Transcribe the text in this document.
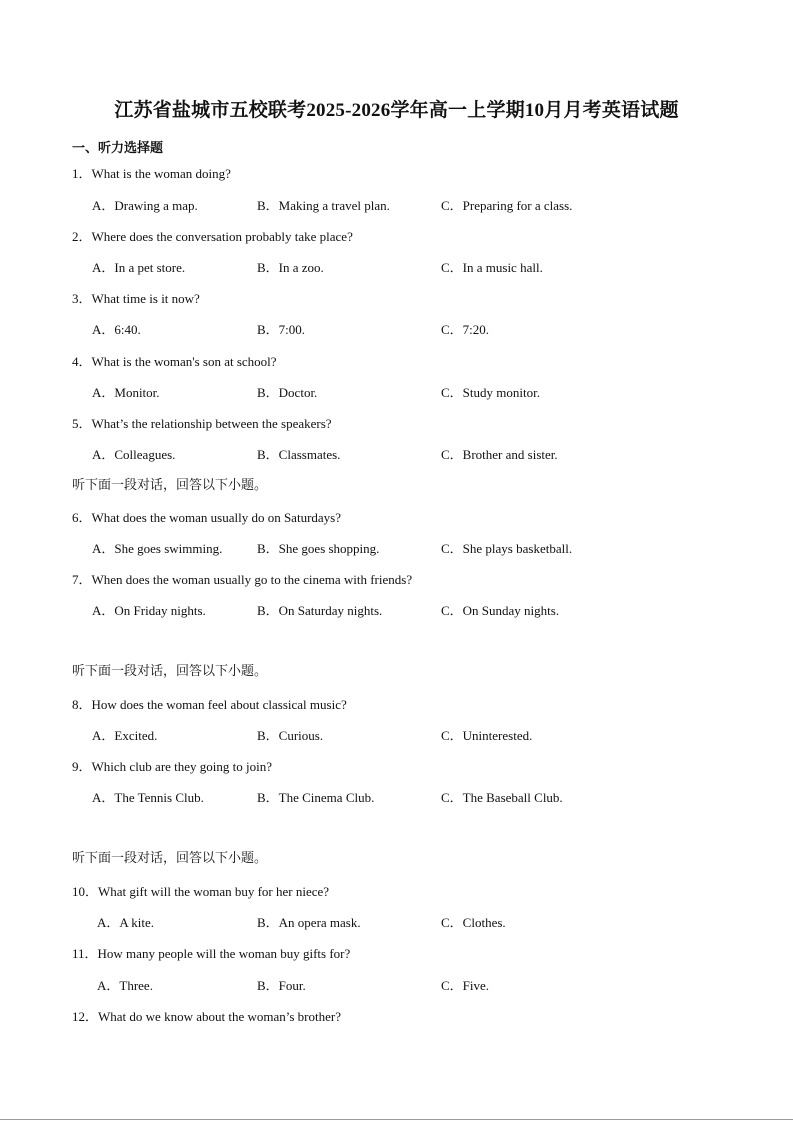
江苏省盐城市五校联考2025-2026学年高一上学期10月月考英语试题
一、听力选择题
1．What is the woman doing?
A．Drawing a map.	B．Making a travel plan.	C．Preparing for a class.
2．Where does the conversation probably take place?
A．In a pet store.	B．In a zoo.	C．In a music hall.
3．What time is it now?
A．6:40.	B．7:00.	C．7:20.
4．What is the woman's son at school?
A．Monitor.	B．Doctor.	C．Study monitor.
5．What’s the relationship between the speakers?
A．Colleagues.	B．Classmates.	C．Brother and sister.
听下面一段对话，回答以下小题。
6．What does the woman usually do on Saturdays?
A．She goes swimming.	B．She goes shopping.	C．She plays basketball.
7．When does the woman usually go to the cinema with friends?
A．On Friday nights.	B．On Saturday nights.	C．On Sunday nights.
听下面一段对话，回答以下小题。
8．How does the woman feel about classical music?
A．Excited.	B．Curious.	C．Uninterested.
9．Which club are they going to join?
A．The Tennis Club.	B．The Cinema Club.	C．The Baseball Club.
听下面一段对话，回答以下小题。
10．What gift will the woman buy for her niece?
A．A kite.	B．An opera mask.	C．Clothes.
11．How many people will the woman buy gifts for?
A．Three.	B．Four.	C．Five.
12．What do we know about the woman’s brother?
